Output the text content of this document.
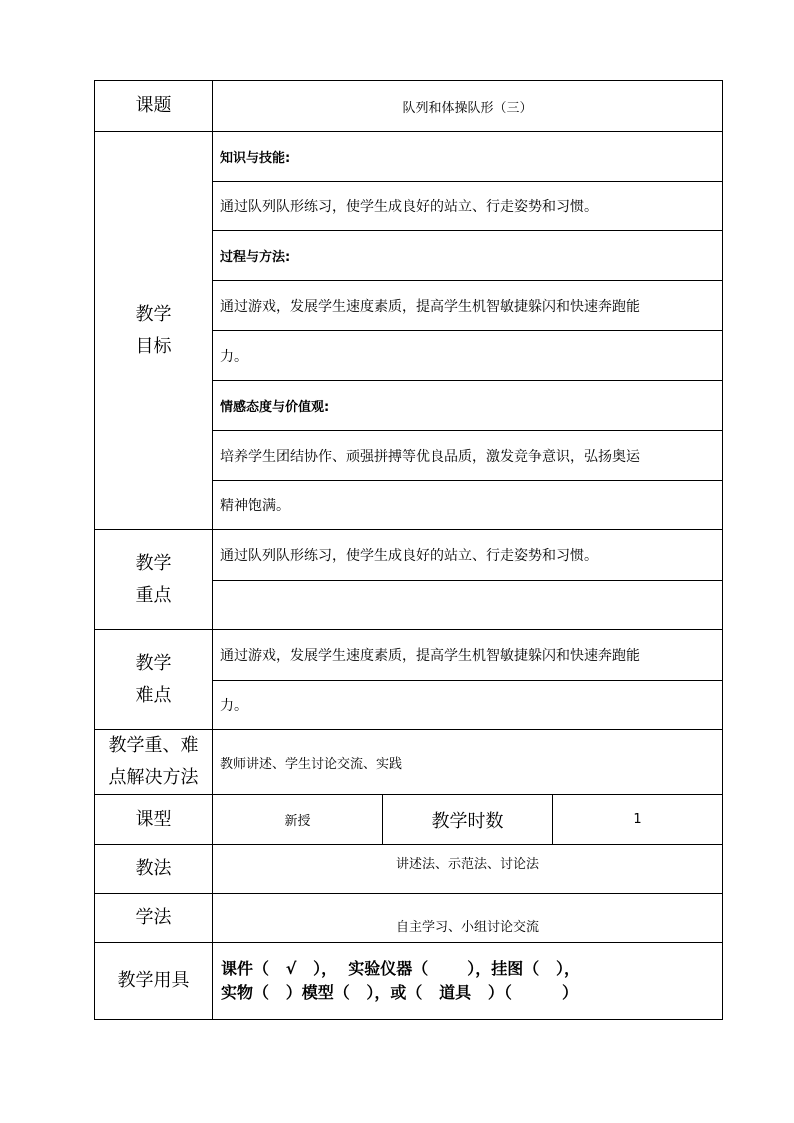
课题	队列和体操队形（三）		

教学
目标	知识与技能:		
	通过队列队形练习，使学生成良好的站立、行走姿势和习惯。		
	过程与方法:		
	通过游戏，发展学生速度素质，提高学生机智敏捷躲闪和快速奔跑能		
	力。		
	情感态度与价值观:		
	培养学生团结协作、顽强拼搏等优良品质，激发竞争意识，弘扬奥运		
	精神饱满。		

教学
重点	通过队列队形练习，使学生成良好的站立、行走姿势和习惯。		

教学
难点	通过游戏，发展学生速度素质，提高学生机智敏捷躲闪和快速奔跑能		
	力。		

教学重、难
点解决方法	教师讲述、学生讨论交流、实践		
课型	新授	教学时数	1
教法	讲述法、示范法、讨论法		
学法	自主学习、小组讨论交流		

教学用具	课件（   √   ），  实验仪器（       ），挂图（   ），
实物（   ）模型（   ），或（   道具   ）（         ）		
